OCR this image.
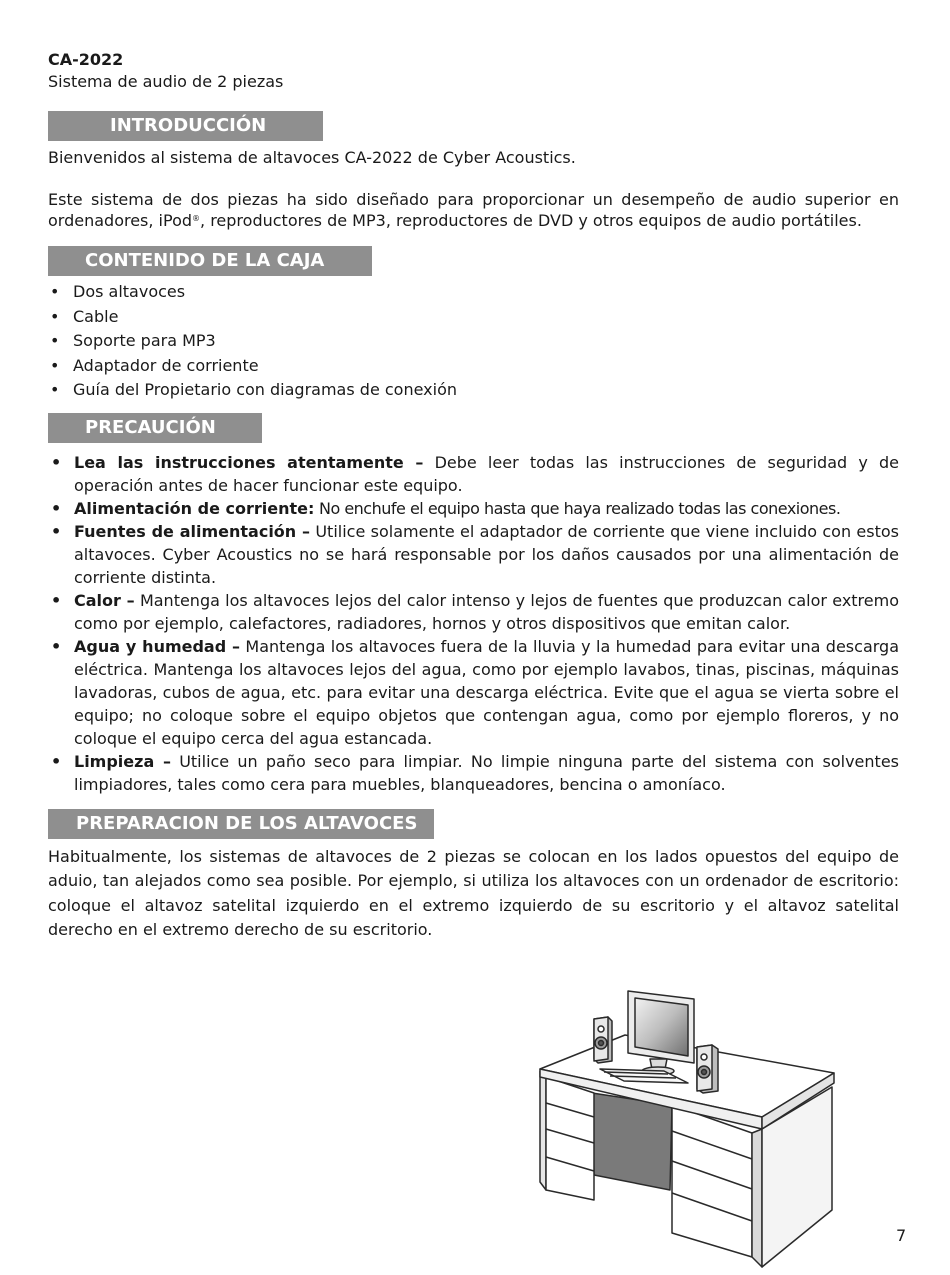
CA-2022
Sistema de audio de 2 piezas
INTRODUCCIÓN

Bienvenidos al sistema de altavoces CA-2022 de Cyber Acoustics.

Este sistema de dos piezas ha sido diseñado para proporcionar un desempeño de audio superior en ordenadores, iPod®, reproductores de MP3, reproductores de DVD y otros equipos de audio portátiles.

CONTENIDO DE LA CAJA
• Dos altavoces
• Cable
• Soporte para MP3
• Adaptador de corriente
• Guía del Propietario con diagramas de conexión
PRECAUCIÓN
• Lea las instrucciones atentamente – Debe leer todas las instrucciones de seguridad y de operación antes de hacer funcionar este equipo.
• Alimentación de corriente: No enchufe el equipo hasta que haya realizado todas las conexiones.
• Fuentes de alimentación – Utilice solamente el adaptador de corriente que viene incluido con estos altavoces. Cyber Acoustics no se hará responsable por los daños causados por una alimentación de corriente distinta.
• Calor – Mantenga los altavoces lejos del calor intenso y lejos de fuentes que produzcan calor extremo como por ejemplo, calefactores, radiadores, hornos y otros dispositivos que emitan calor.
• Agua y humedad – Mantenga los altavoces fuera de la lluvia y la humedad para evitar una descarga eléctrica. Mantenga los altavoces lejos del agua, como por ejemplo lavabos, tinas, piscinas, máquinas lavadoras, cubos de agua, etc. para evitar una descarga eléctrica. Evite que el agua se vierta sobre el equipo; no coloque sobre el equipo objetos que contengan agua, como por ejemplo floreros, y no coloque el equipo cerca del agua estancada.
• Limpieza – Utilice un paño seco para limpiar. No limpie ninguna parte del sistema con solventes limpiadores, tales como cera para muebles, blanqueadores, bencina o amoníaco.
PREPARACION DE LOS ALTAVOCES

Habitualmente, los sistemas de altavoces de 2 piezas se colocan en los lados opuestos del equipo de aduio, tan alejados como sea posible. Por ejemplo, si utiliza los altavoces con un ordenador de escritorio: coloque el altavoz satelital izquierdo en el extremo izquierdo de su escritorio y el altavoz satelital derecho en el extremo derecho de su escritorio.

7
